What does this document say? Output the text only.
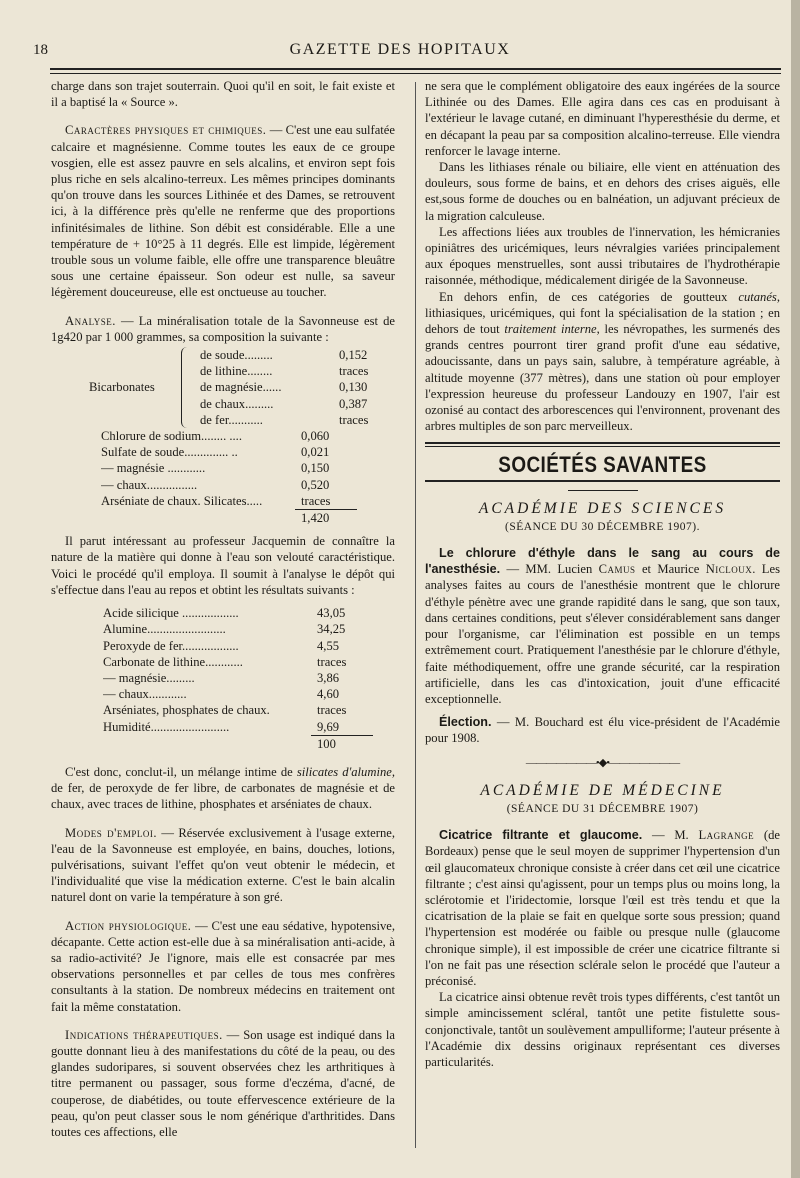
18	GAZETTE DES HOPITAUX

charge dans son trajet souterrain. Quoi qu'il en soit, le fait existe et il a baptisé la « Source ».

Caractères physiques et chimiques. — C'est une eau sulfatée calcaire et magnésienne. Comme toutes les eaux de ce groupe vosgien, elle est assez pauvre en sels alcalins, et environ sept fois plus riche en sels alcalino-terreux. Les mêmes principes dominants qu'on trouve dans les sources Lithinée et des Dames, se retrouvent ici, à la différence près qu'elle ne renferme que des proportions infinitésimales de lithine. Son débit est considérable. Elle a une température de + 10°25 à 11 degrés. Elle est limpide, légèrement trouble sous un volume faible, elle offre une transparence bleuâtre sous une certaine épaisseur. Son odeur est nulle, sa saveur légèrement douceureuse, elle est onctueuse au toucher.

Analyse. — La minéralisation totale de la Savonneuse est de 1g420 par 1 000 grammes, sa composition la suivante :

Bicarbonates
de soude.........	0,152
de lithine........	traces
de magnésie......	0,130
de chaux.........	0,387
de fer...........	traces
Chlorure de sodium........ ....	0,060
Sulfate de soude.............. ..	0,021
— magnésie ............	0,150
— chaux................	0,520
Arséniate de chaux. Silicates.....	traces
1,420

Il parut intéressant au professeur Jacquemin de connaître la nature de la matière qui donne à l'eau son velouté caractéristique. Voici le procédé qu'il employa. Il soumit à l'analyse le dépôt qui s'effectue dans l'eau au repos et obtint les résultats suivants :

Acide silicique ..................	43,05
Alumine.........................	34,25
Peroxyde de fer..................	4,55
Carbonate de lithine............	traces
— magnésie.........	3,86
— chaux............	4,60
Arséniates, phosphates de chaux.	traces
Humidité.........................	9,69
100

C'est donc, conclut-il, un mélange intime de silicates d'alumine, de fer, de peroxyde de fer libre, de carbonates de magnésie et de chaux, avec traces de lithine, phosphates et arséniates de chaux.

Modes d'emploi. — Réservée exclusivement à l'usage externe, l'eau de la Savonneuse est employée, en bains, douches, lotions, pulvérisations, suivant l'effet qu'on veut obtenir le médecin, et l'individualité que vise la médication externe. C'est le bain alcalin naturel dont on varie la température à son gré.

Action physiologique. — C'est une eau sédative, hypotensive, décapante. Cette action est-elle due à sa minéralisation anti-acide, à sa radio-activité? Je l'ignore, mais elle est consacrée par mes observations personnelles et par celles de tous mes confrères consultants à la station. De nombreux médecins en traitement ont fait la même constatation.

Indications thérapeutiques. — Son usage est indiqué dans la goutte donnant lieu à des manifestations du côté de la peau, ou des glandes sudoripares, si souvent observées chez les arthritiques à titre permanent ou passager, sous forme d'eczéma, d'acné, de couperose, de diabétides, ou toute effervescence extérieure de la peau, qu'on peut classer sous le nom générique d'arthritides. Dans toutes ces affections, elle

ne sera que le complément obligatoire des eaux ingérées de la source Lithinée ou des Dames. Elle agira dans ces cas en produisant à l'extérieur le lavage cutané, en diminuant l'hyperesthésie du derme, et en décapant la peau par sa composition alcalino-terreuse. Elle viendra renforcer le lavage interne.

Dans les lithiases rénale ou biliaire, elle vient en atténuation des douleurs, sous forme de bains, et en dehors des crises aiguës, elle est,sous forme de douches ou en balnéation, un adjuvant précieux de la migration calculeuse.

Les affections liées aux troubles de l'innervation, les hémicranies opiniâtres des uricémiques, leurs névralgies variées principalement aux époques menstruelles, sont aussi tributaires de l'hydrothérapie raisonnée, méthodique, médicalement dirigée de la Savonneuse.

En dehors enfin, de ces catégories de goutteux cutanés, lithiasiques, uricémiques, qui font la spécialisation de la station ; en dehors de tout traitement interne, les névropathes, les surmenés des grands centres pourront tirer grand profit d'une eau sédative, adoucissante, dans un pays sain, salubre, à température agréable, à altitude moyenne (377 mètres), dans une station où pour employer l'expression heureuse du professeur Landouzy en 1907, l'air est ozonisé au contact des arborescences qui l'environnent, provenant des arbres multiples de son parc merveilleux.

SOCIÉTÉS SAVANTES
ACADÉMIE DES SCIENCES
(SÉANCE DU 30 DÉCEMBRE 1907).

Le chlorure d'éthyle dans le sang au cours de l'anesthésie. — MM. Lucien Camus et Maurice Nicloux. Les analyses faites au cours de l'anesthésie montrent que le chlorure d'éthyle pénètre avec une grande rapidité dans le sang, que son taux, dans certaines conditions, peut s'élever considérablement sans danger pour l'organisme, car l'élimination est possible en un temps extrêmement court. Pratiquement l'anesthésie par le chlorure d'éthyle, faite méthodiquement, offre une grande sécurité, car la respiration artificielle, dans les cas d'intoxication, jouit d'une efficacité exceptionnelle.

Élection. — M. Bouchard est élu vice-président de l'Académie pour 1908.

———————•◆•———————
ACADÉMIE DE MÉDECINE
(SÉANCE DU 31 DÉCEMBRE 1907)

Cicatrice filtrante et glaucome. — M. Lagrange (de Bordeaux) pense que le seul moyen de supprimer l'hypertension d'un œil glaucomateux chronique consiste à créer dans cet œil une cicatrice filtrante ; c'est ainsi qu'agissent, pour un temps plus ou moins long, la sclérotomie et l'iridectomie, lorsque l'œil est très tendu et que la cicatrisation de la plaie se fait en quelque sorte sous pression; quand l'hypertension est modérée ou faible ou presque nulle (glaucome chronique simple), il est impossible de créer une cicatrice filtrante si l'on ne fait pas une résection sclérale selon le procédé que l'auteur a préconisé.

La cicatrice ainsi obtenue revêt trois types différents, c'est tantôt un simple amincissement scléral, tantôt une petite fistulette sous-conjonctivale, tantôt un soulèvement ampulliforme; l'auteur présente à l'Académie dix dessins originaux représentant ces diverses particularités.
